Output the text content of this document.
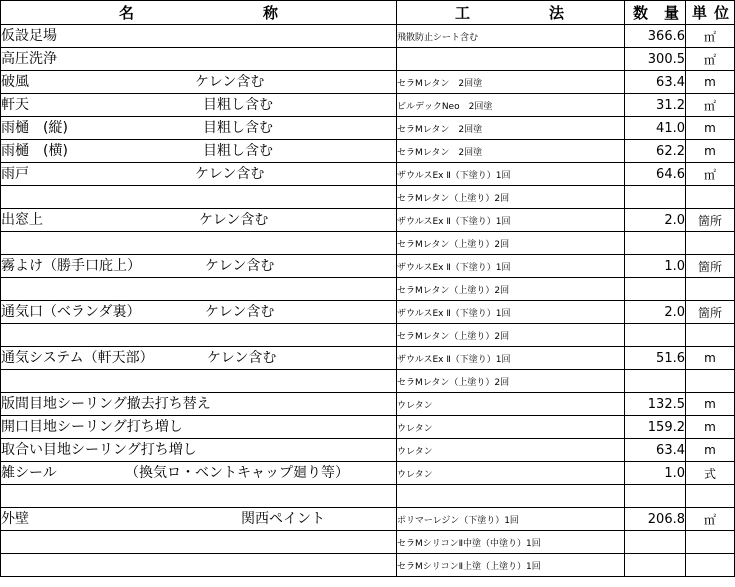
名 称	工 法	数 量	単 位

仮設足場	飛散防止シート含む	366.6	㎡

高圧洗浄		300.5	㎡

破風 ケレン含む	セラMレタン　2回塗	63.4	m

軒天 目粗し含む	ビルデックNeo　2回塗	31.2	㎡

雨樋　(縦) 目粗し含む	セラMレタン　2回塗	41.0	m

雨樋　(横) 目粗し含む	セラMレタン　2回塗	62.2	m

雨戸 ケレン含む	ザウルスEx Ⅱ（下塗り）1回	64.6	㎡

	セラMレタン（上塗り）2回		

出窓上 ケレン含む	ザウルスEx Ⅱ（下塗り）1回	2.0	箇所

	セラMレタン（上塗り）2回		

霧よけ（勝手口庇上） ケレン含む	ザウルスEx Ⅱ（下塗り）1回	1.0	箇所

	セラMレタン（上塗り）2回		

通気口（ベランダ裏） ケレン含む	ザウルスEx Ⅱ（下塗り）1回	2.0	箇所

	セラMレタン（上塗り）2回		

通気システム（軒天部） ケレン含む	ザウルスEx Ⅱ（下塗り）1回	51.6	m

	セラMレタン（上塗り）2回		

版間目地シーリング撤去打ち替え	ウレタン	132.5	m

開口目地シーリング打ち増し	ウレタン	159.2	m

取合い目地シーリング打ち増し	ウレタン	63.4	m

雑シール （換気ロ・ベントキャップ廻り等）	ウレタン	1.0	式

外壁 関西ペイント	ポリマーレジン（下塗り）1回	206.8	㎡

	セラMシリコンⅡ中塗（中塗り）1回		

	セラMシリコンⅡ上塗（上塗り）1回		
